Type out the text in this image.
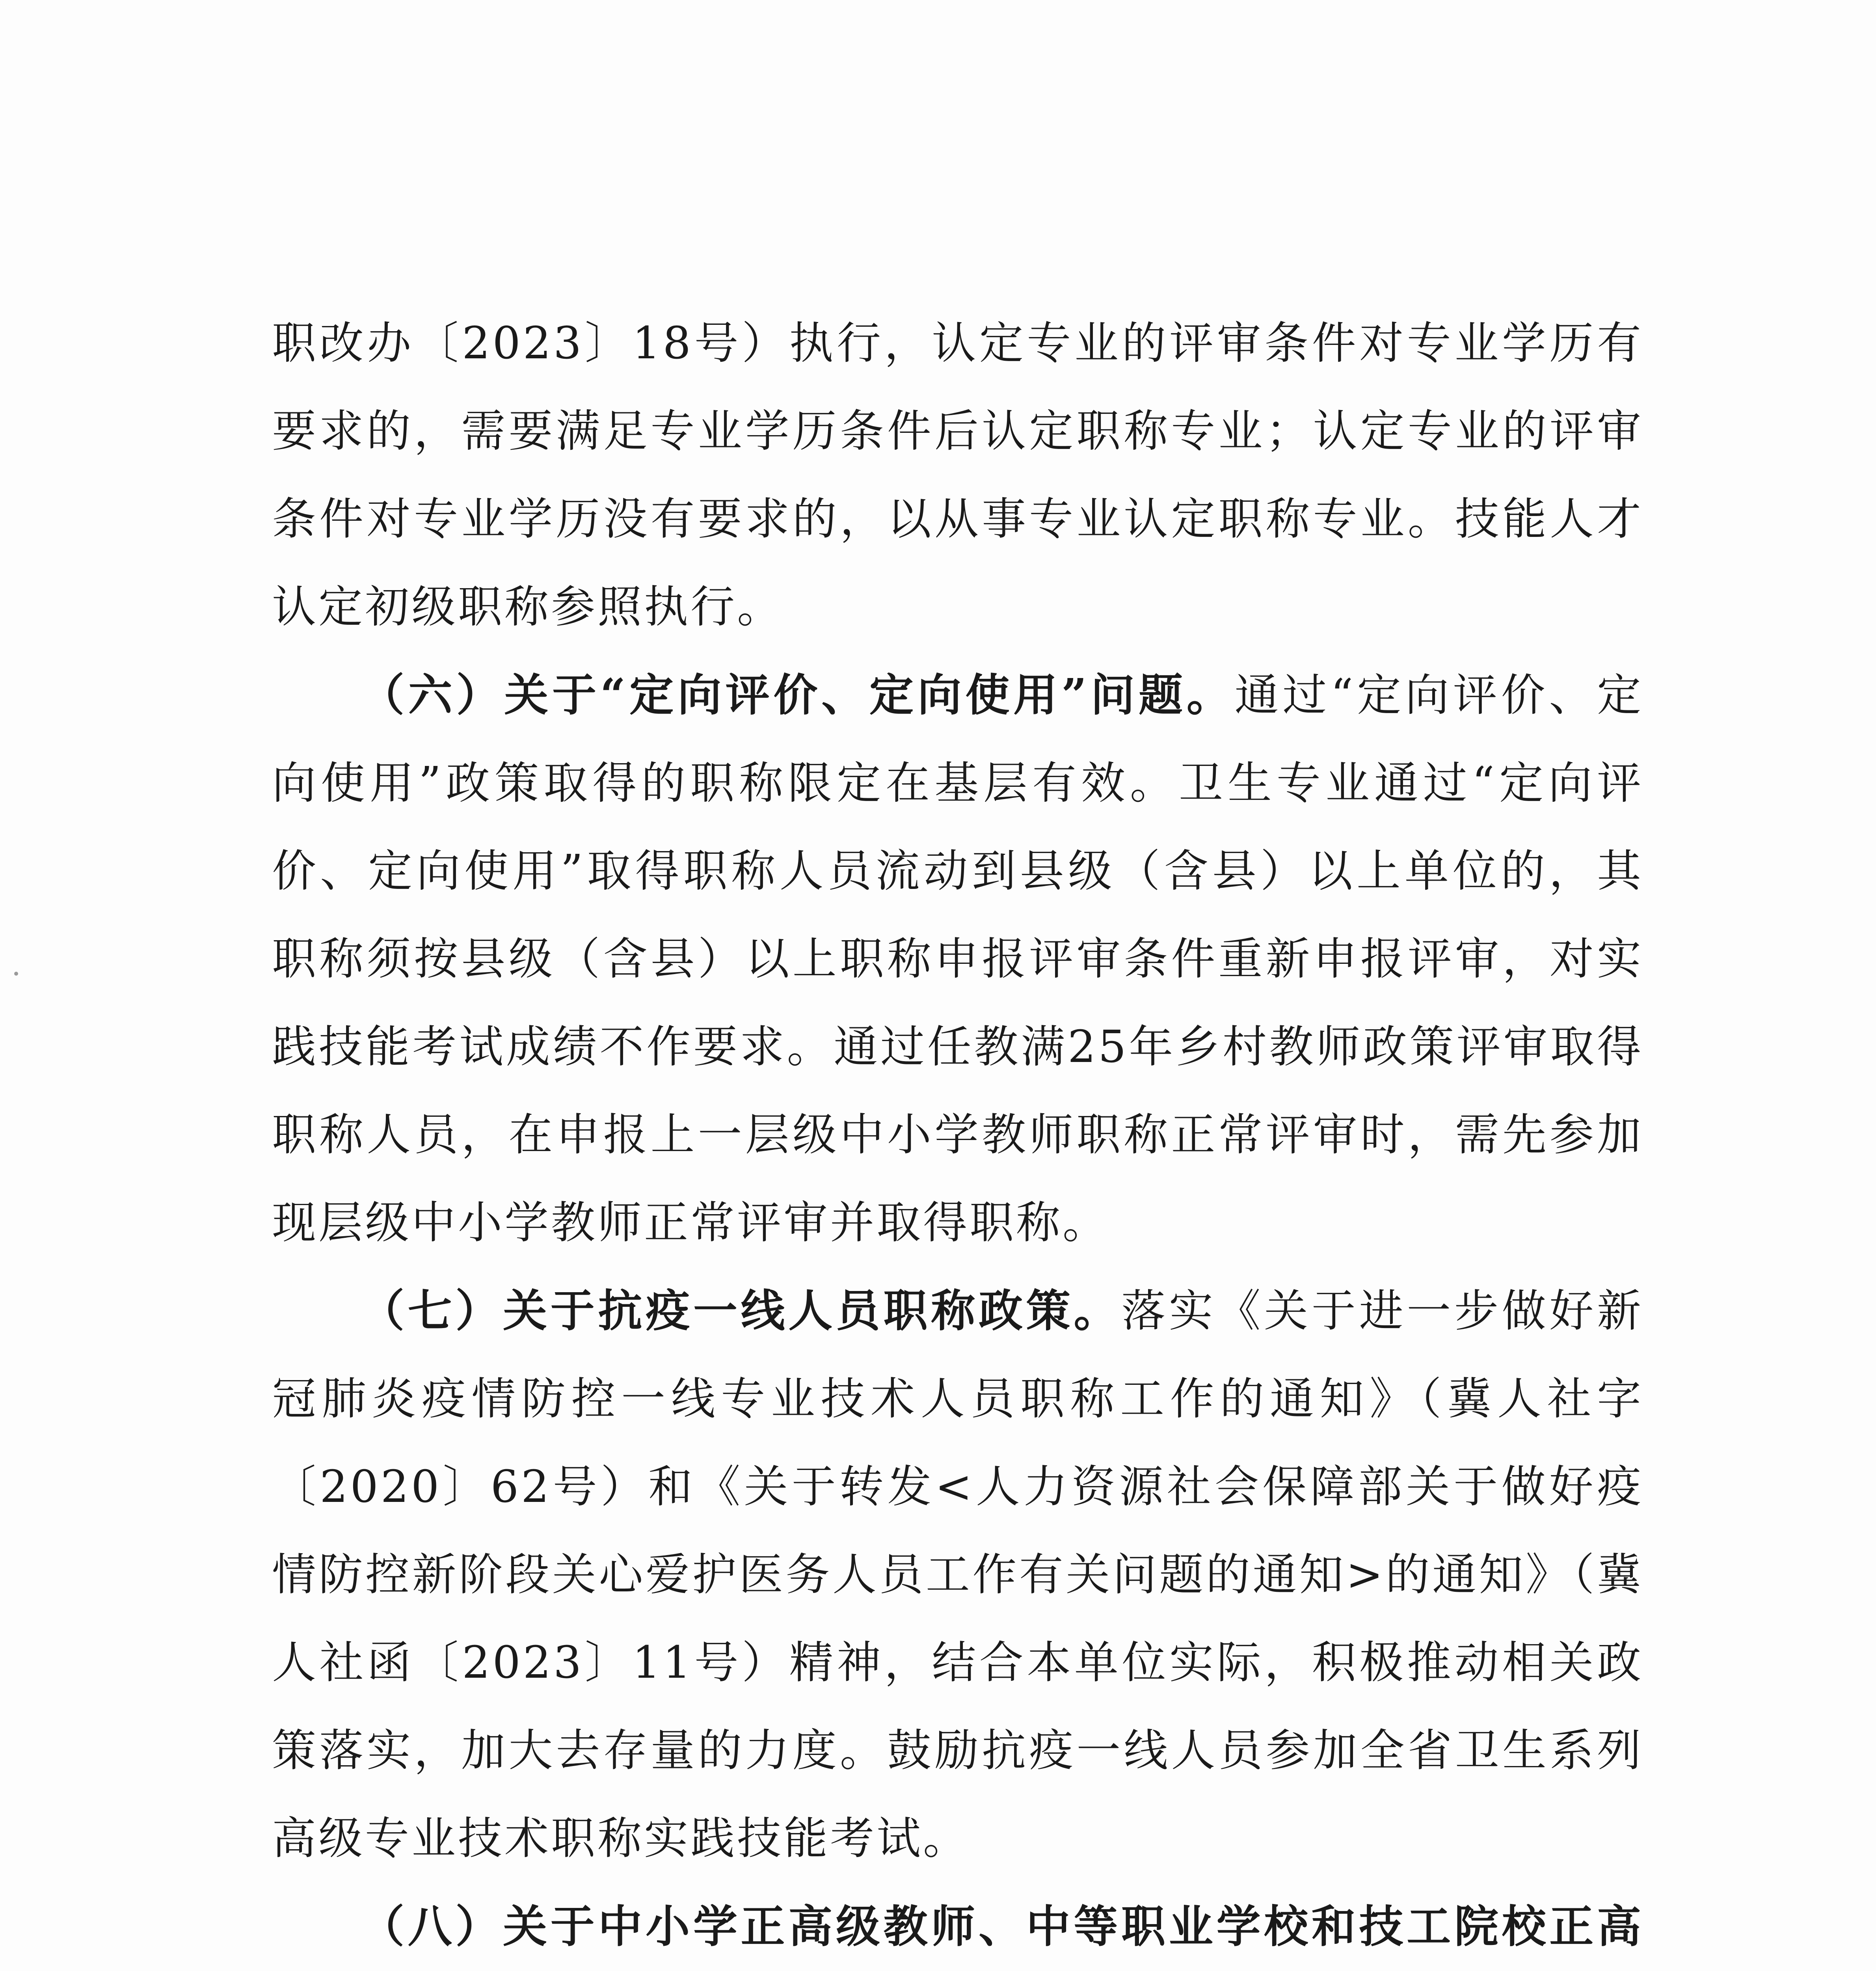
职改办〔2023〕18号）执行，认定专业的评审条件对专业学历有要求的，需要满足专业学历条件后认定职称专业；认定专业的评审条件对专业学历没有要求的，以从事专业认定职称专业。技能人才认定初级职称参照执行。

（六）关于“定向评价、定向使用”问题。通过“定向评价、定向使用”政策取得的职称限定在基层有效。卫生专业通过“定向评价、定向使用”取得职称人员流动到县级（含县）以上单位的，其职称须按县级（含县）以上职称申报评审条件重新申报评审，对实践技能考试成绩不作要求。通过任教满25年乡村教师政策评审取得职称人员，在申报上一层级中小学教师职称正常评审时，需先参加现层级中小学教师正常评审并取得职称。

（七）关于抗疫一线人员职称政策。落实《关于进一步做好新冠肺炎疫情防控一线专业技术人员职称工作的通知》（冀人社字〔2020〕62号）和《关于转发<人力资源社会保障部关于做好疫情防控新阶段关心爱护医务人员工作有关问题的通知>的通知》（冀人社函〔2023〕11号）精神，结合本单位实际，积极推动相关政策落实，加大去存量的力度。鼓励抗疫一线人员参加全省卫生系列高级专业技术职称实践技能考试。

（八）关于中小学正高级教师、中等职业学校和技工院校正高
